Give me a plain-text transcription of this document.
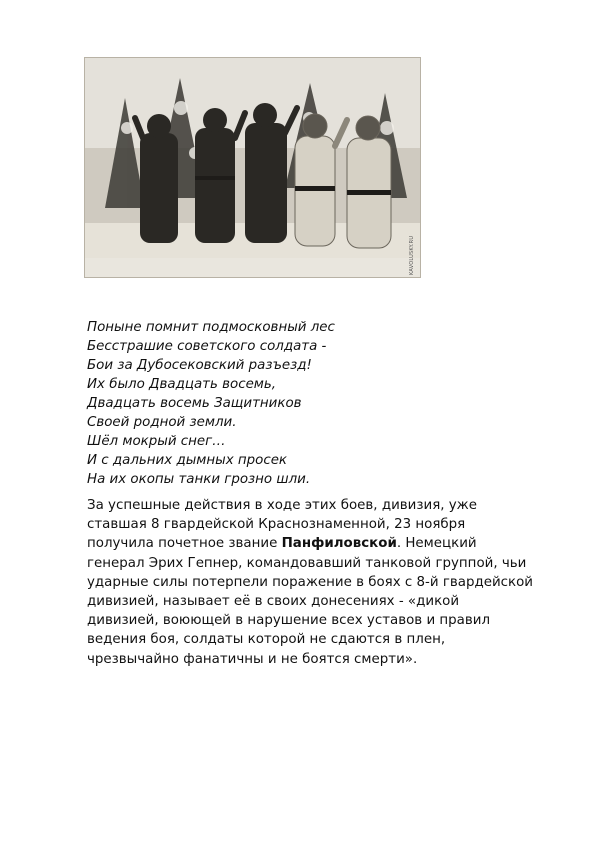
KAVOLUSKY.RU
Поныне помнит подмосковный лес
Бесстрашие советского солдата -
Бои за Дубосековский разъезд!
Их было Двадцать восемь,
Двадцать восемь Защитников
Своей родной земли.
Шёл мокрый снег…
И с дальних дымных просек
На их окопы танки грозно шли.
За успешные действия в ходе этих боев, дивизия, уже
ставшая 8 гвардейской Краснознаменной, 23 ноября
получила почетное звание Панфиловской. Немецкий
генерал Эрих Гепнер, командовавший танковой группой, чьи
ударные силы потерпели поражение в боях с 8-й гвардейской
дивизией, называет её в своих донесениях - «дикой
дивизией, воюющей в нарушение всех уставов и правил
ведения боя, солдаты которой не сдаются в плен,
чрезвычайно фанатичны и не боятся смерти».
